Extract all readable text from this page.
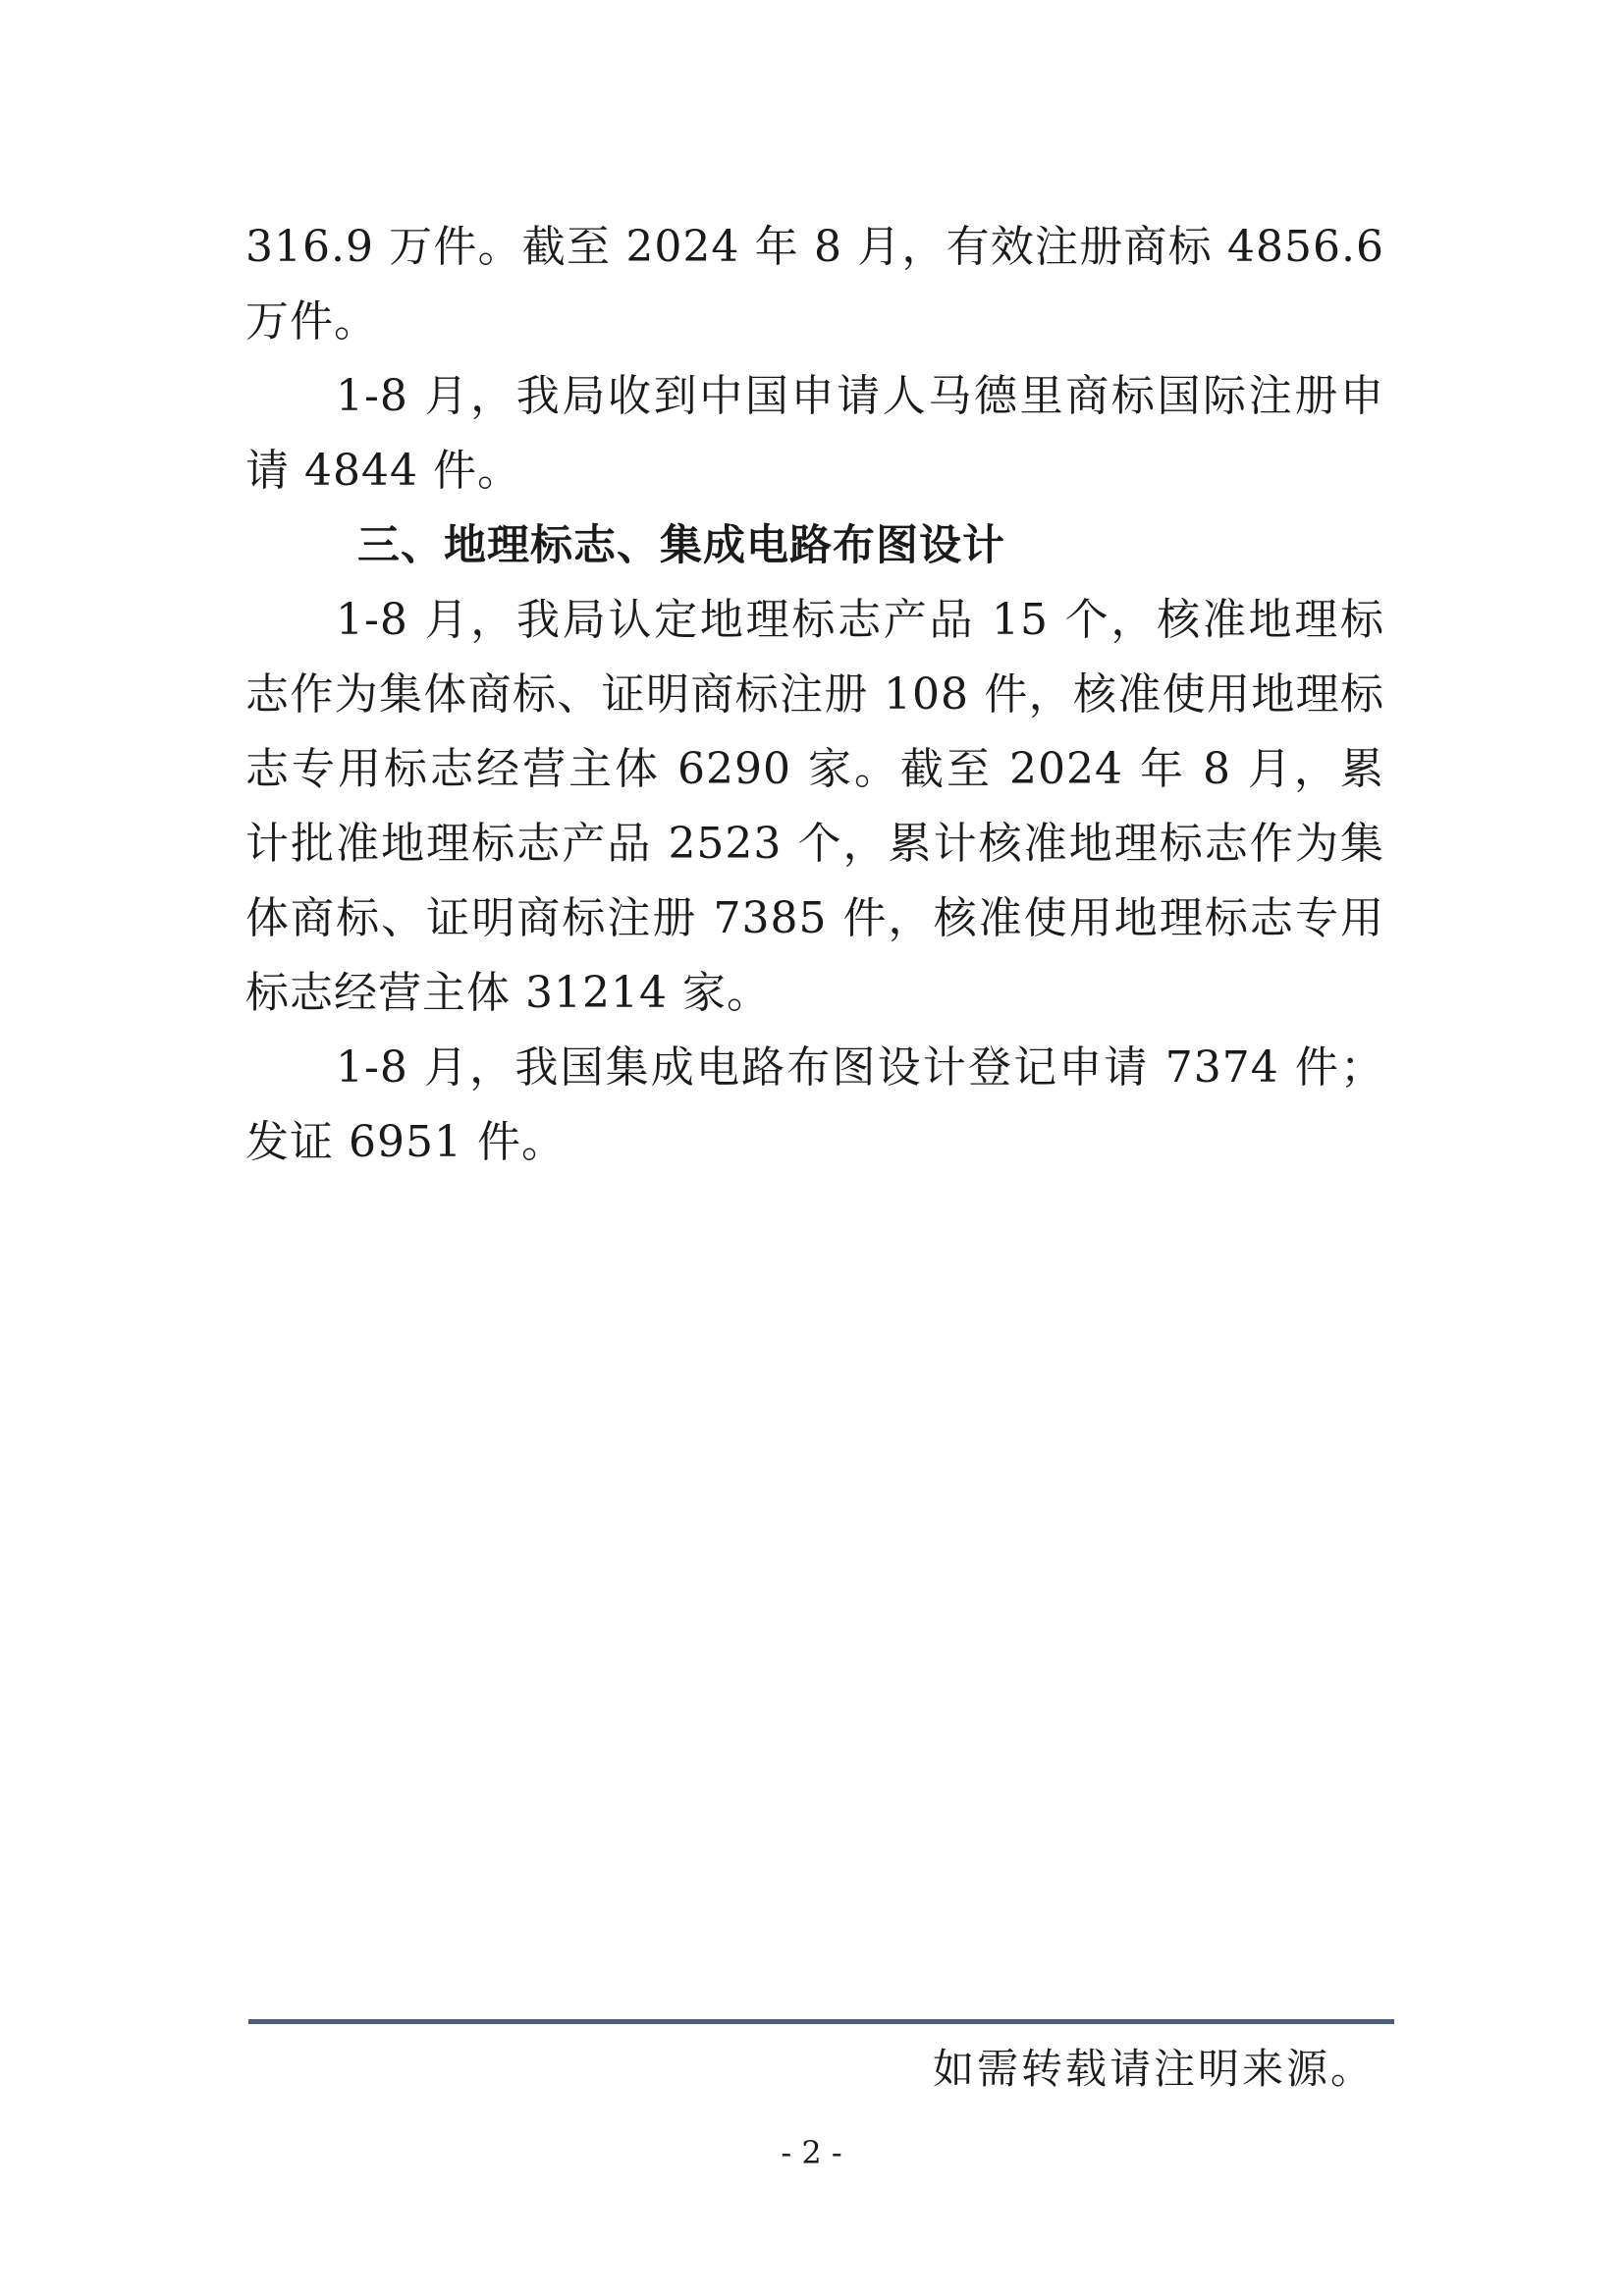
316.9 万件。截至 2024 年 8 月，有效注册商标 4856.6 万件。

1-8 月，我局收到中国申请人马德里商标国际注册申请 4844 件。

三、地理标志、集成电路布图设计

1-8 月，我局认定地理标志产品 15 个，核准地理标志作为集体商标、证明商标注册 108 件，核准使用地理标志专用标志经营主体 6290 家。截至 2024 年 8 月，累计批准地理标志产品 2523 个，累计核准地理标志作为集体商标、证明商标注册 7385 件，核准使用地理标志专用标志经营主体 31214 家。

1-8 月，我国集成电路布图设计登记申请 7374 件；发证 6951 件。

如需转载请注明来源。

- 2 -
